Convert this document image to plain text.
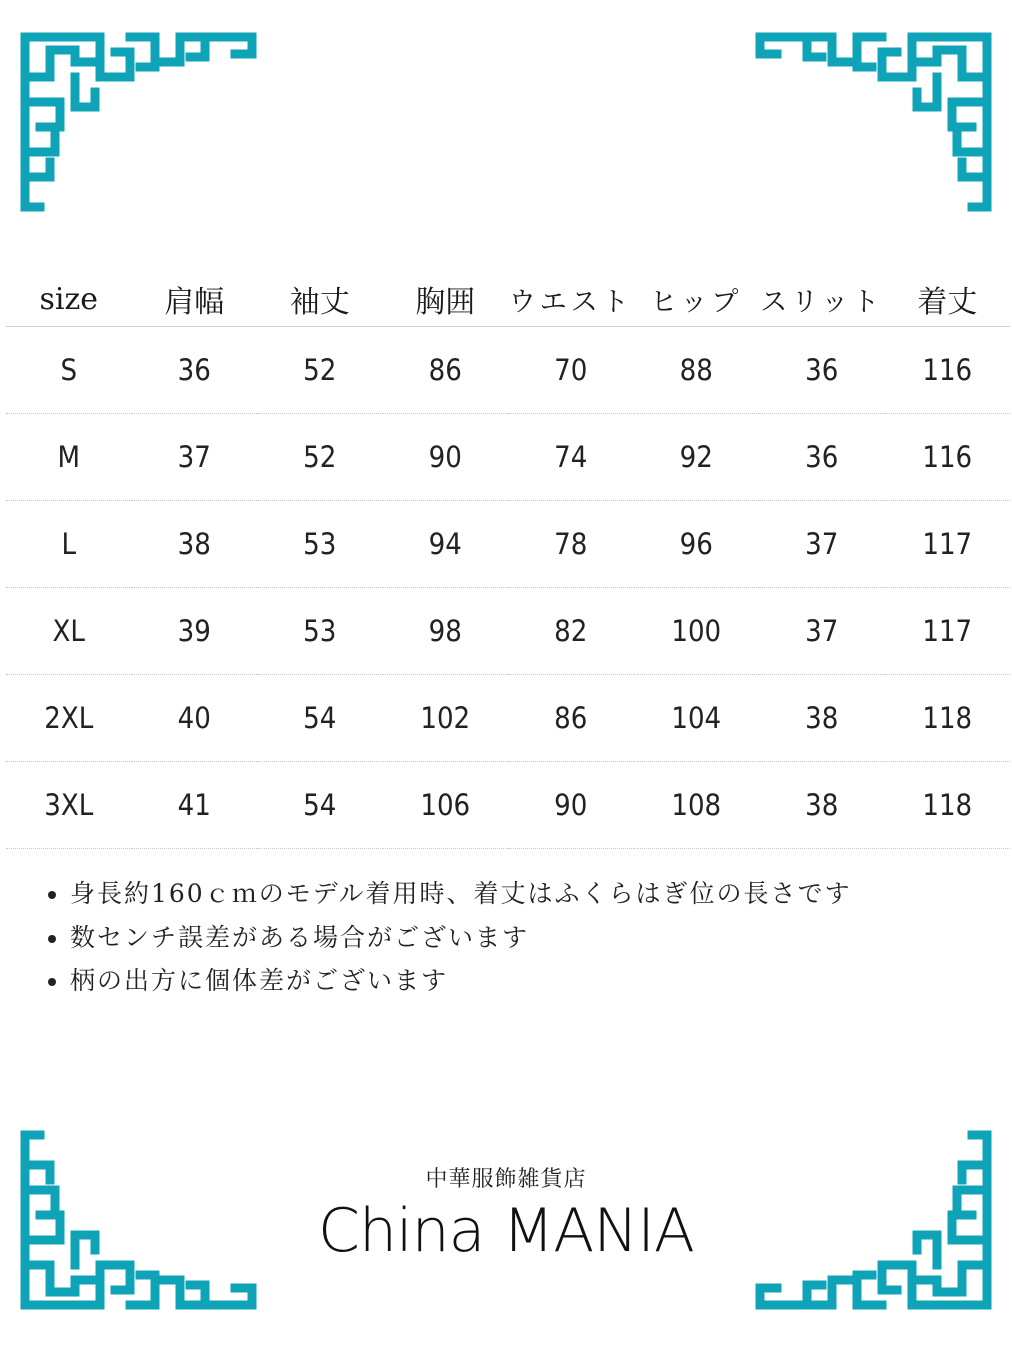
size	肩幅	袖丈	胸囲	ウエスト	ヒップ	スリット	着丈
S	36	52	86	70	88	36	116
M	37	52	90	74	92	36	116
L	38	53	94	78	96	37	117
XL	39	53	98	82	100	37	117
2XL	40	54	102	86	104	38	118
3XL	41	54	106	90	108	38	118
• 身長約160ｃｍのモデル着用時、着丈はふくらはぎ位の長さです
• 数センチ誤差がある場合がございます
• 柄の出方に個体差がございます
中華服飾雑貨店
China MANIA
